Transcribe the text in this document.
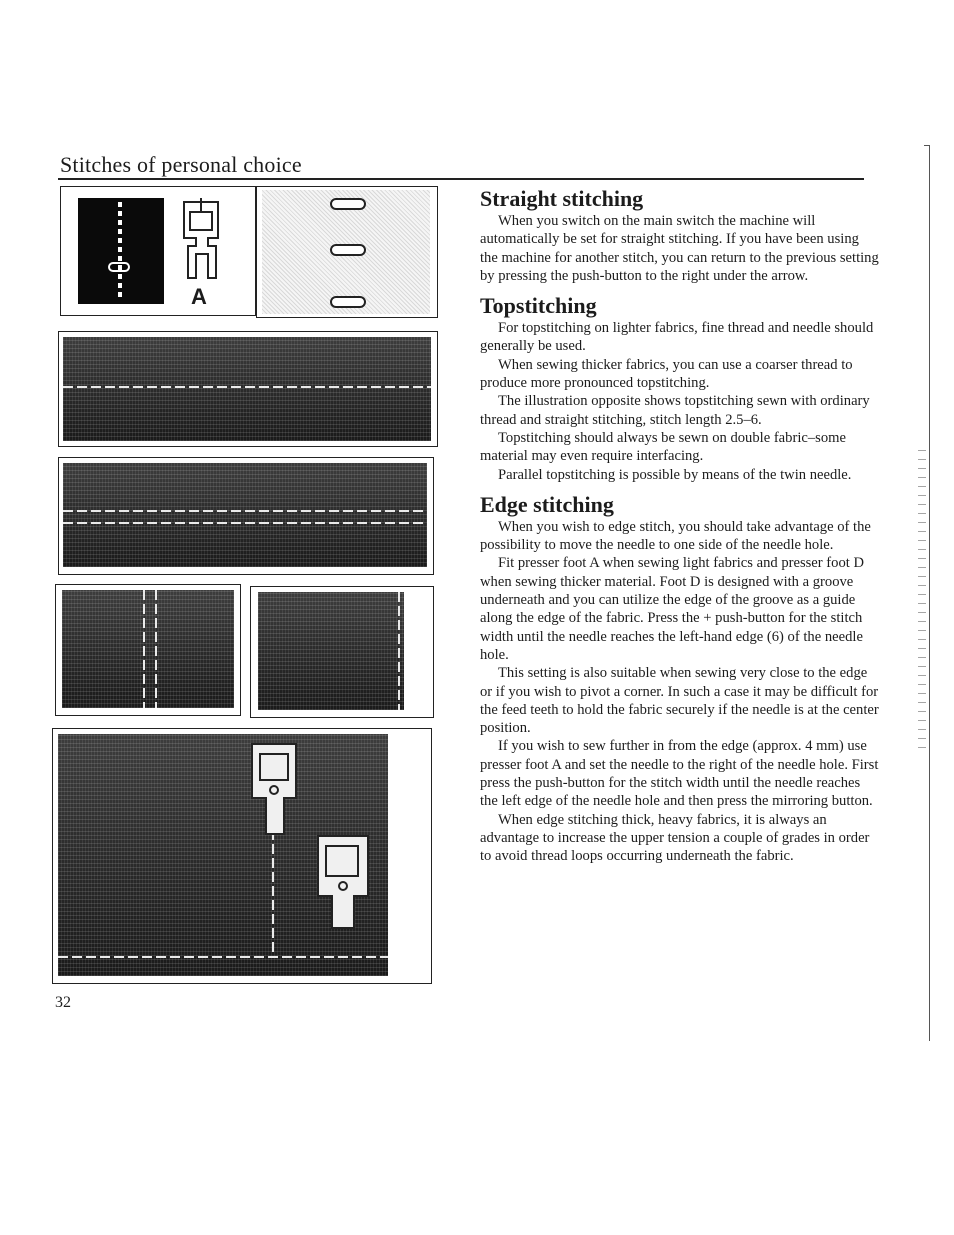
Stitches of personal choice
A
32
Straight stitching

When you switch on the main switch the machine will automatically be set for straight stitching. If you have been using the machine for another stitch, you can return to the previous setting by pressing the push-button to the right under the arrow.

Topstitching

For topstitching on lighter fabrics, fine thread and needle should generally be used.

When sewing thicker fabrics, you can use a coarser thread to produce more pronounced topstitching.

The illustration opposite shows topstitching sewn with ordinary thread and straight stitching, stitch length 2.5–6.

Topstitching should always be sewn on double fabric–some material may even require interfacing.

Parallel topstitching is possible by means of the twin needle.

Edge stitching

When you wish to edge stitch, you should take advantage of the possibility to move the needle to one side of the needle hole.

Fit presser foot A when sewing light fabrics and presser foot D when sewing thicker material. Foot D is designed with a groove underneath and you can utilize the edge of the groove as a guide along the edge of the fabric. Press the + push-button for the stitch width until the needle reaches the left-hand edge (6) of the needle hole.

This setting is also suitable when sewing very close to the edge or if you wish to pivot a corner. In such a case it may be difficult for the feed teeth to hold the fabric securely if the needle is at the center position.

If you wish to sew further in from the edge (approx. 4 mm) use presser foot A and set the needle to the right of the needle hole. First press the push-button for the stitch width until the needle reaches the left edge of the needle hole and then press the mirroring button.

When edge stitching thick, heavy fabrics, it is always an advantage to increase the upper tension a couple of grades in order to avoid thread loops occurring underneath the fabric.
